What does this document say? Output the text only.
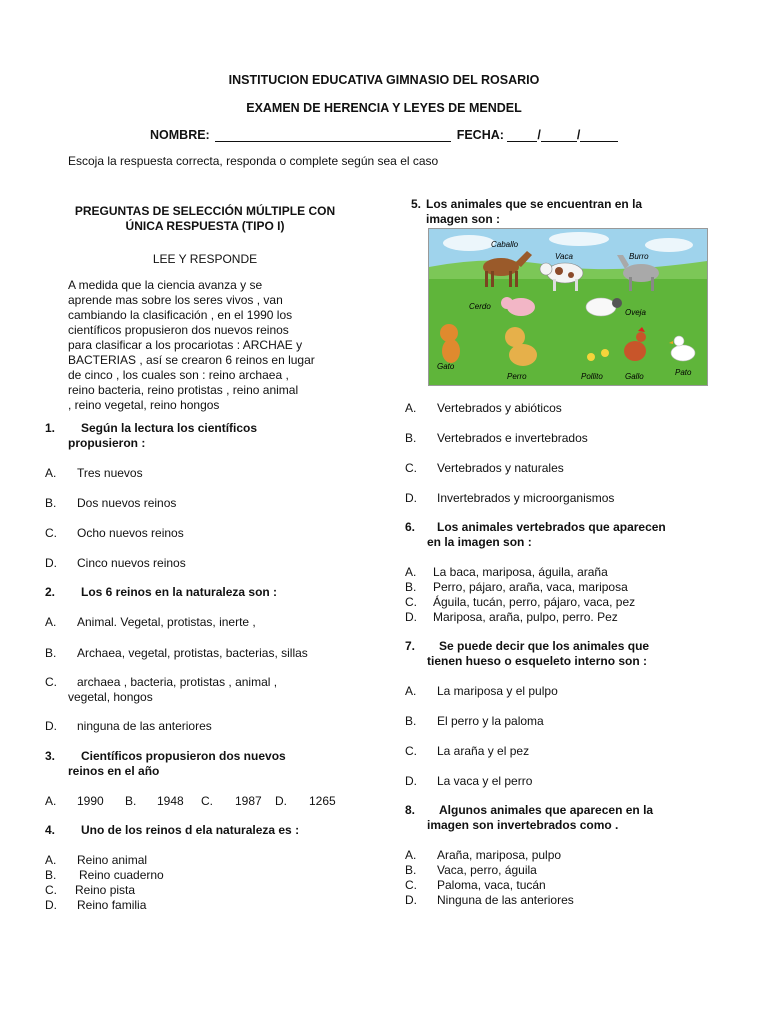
INSTITUCION EDUCATIVA GIMNASIO DEL ROSARIO
EXAMEN DE HERENCIA Y LEYES DE MENDEL
NOMBRE:	FECHA:	/	/
Escoja la respuesta correcta, responda o complete según sea el caso
PREGUNTAS DE SELECCIÓN MÚLTIPLE CON
ÚNICA RESPUESTA (TIPO I)
LEE Y RESPONDE
A medida que la ciencia avanza y se
aprende mas sobre los seres vivos , van
cambiando la clasificación , en el 1990 los
científicos propusieron dos nuevos reinos
para clasificar a los procariotas : ARCHAE y
BACTERIAS , así se crearon 6 reinos en lugar
de cinco , los cuales son : reino archaea ,
reino bacteria, reino protistas , reino animal
, reino vegetal, reino hongos
1. Según la lectura los científicos
propusieron :
A. Tres nuevos
B. Dos nuevos reinos
C. Ocho nuevos reinos
D. Cinco nuevos reinos
2. Los 6 reinos en la naturaleza son :
A. Animal. Vegetal, protistas, inerte ,
B. Archaea, vegetal, protistas, bacterias, sillas
C. archaea , bacteria, protistas , animal ,
vegetal, hongos
D. ninguna de las anteriores
3. Científicos propusieron dos nuevos
reinos en el año
A. 1990 B. 1948 C. 1987 D. 1265
4. Uno de los reinos d ela naturaleza es :
A. Reino animal
B. Reino cuaderno
C. Reino pista
D. Reino familia
5. Los animales que se encuentran en la
imagen son :
Caballo
Vaca	Burro
Cerdo
Oveja
Gato
Perro	Pollito	Gallo	Pato
A. Vertebrados y abióticos
B. Vertebrados e invertebrados
C. Vertebrados y naturales
D. Invertebrados y microorganismos
6. Los animales vertebrados que aparecen
en la imagen son :
A. La baca, mariposa, águila, araña
B. Perro, pájaro, araña, vaca, mariposa
C. Águila, tucán, perro, pájaro, vaca, pez
D. Mariposa, araña, pulpo, perro. Pez
7. Se puede decir que los animales que
tienen hueso o esqueleto interno son :
A. La mariposa y el pulpo
B. El perro y la paloma
C. La araña y el pez
D. La vaca y el perro
8. Algunos animales que aparecen en la
imagen son invertebrados como .
A. Araña, mariposa, pulpo
B. Vaca, perro, águila
C. Paloma, vaca, tucán
D. Ninguna de las anteriores
